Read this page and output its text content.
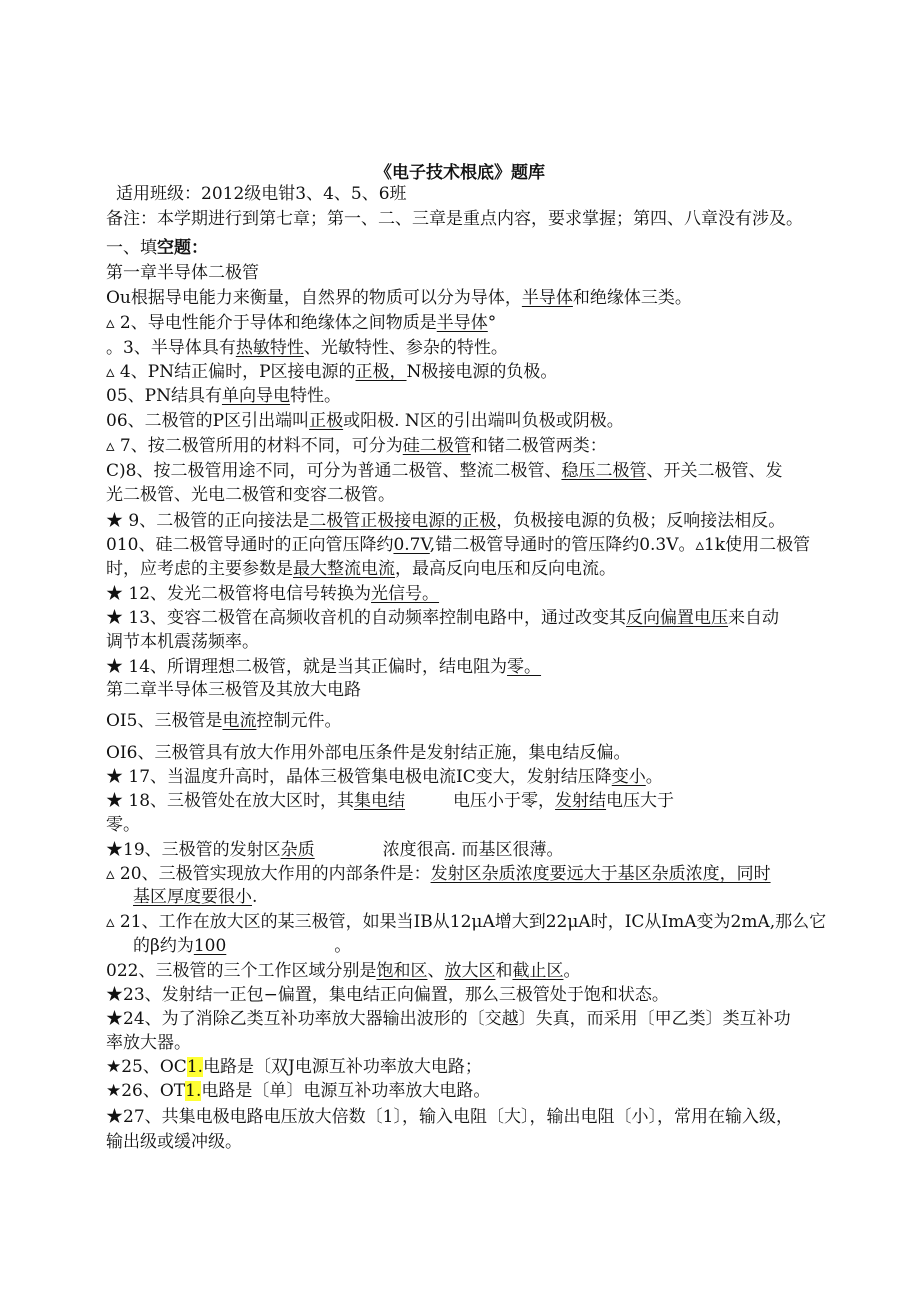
《电子技术根底》题库
适用班级：2012级电钳3、4、5、6班
备注：本学期进行到第七章；第一、二、三章是重点内容，要求掌握；第四、八章没有涉及。
一、填空题：
第一章半导体二极管
Ou根据导电能力来衡量，自然界的物质可以分为导体，半导体和绝缘体三类。
▵ 2、导电性能介于导体和绝缘体之间物质是半导体°
。3、半导体具有热敏特性、光敏特性、参杂的特性。
▵ 4、PN结正偏时，P区接电源的正极，N极接电源的负极。
05、PN结具有单向导电特性。
06、二极管的P区引出端叫正极或阳极. N区的引出端叫负极或阴极。
▵ 7、按二极管所用的材料不同，可分为硅二极管和锗二极管两类：
C)8、按二极管用途不同，可分为普通二极管、整流二极管、稳压二极管、开关二极管、发
光二极管、光电二极管和变容二极管。
★ 9、二极管的正向接法是二极管正极接电源的正极，负极接电源的负极；反响接法相反。
010、硅二极管导通时的正向管压降约0.7V,错二极管导通时的管压降约0.3V。▵1k使用二极管
时，应考虑的主要参数是最大整流电流，最高反向电压和反向电流。
★ 12、发光二极管将电信号转换为光信号。
★ 13、变容二极管在高频收音机的自动频率控制电路中，通过改变其反向偏置电压来自动
调节本机震荡频率。
★ 14、所谓理想二极管，就是当其正偏时，结电阻为零。
第二章半导体三极管及其放大电路
OI5、三极管是电流控制元件。
OI6、三极管具有放大作用外部电压条件是发射结正施，集电结反偏。
★ 17、当温度升高时，晶体三极管集电极电流IC变大，发射结压降变小。
★ 18、三极管处在放大区时，其集电结	电压小于零，发射结电压大于
零。
★19、三极管的发射区杂质	浓度很高. 而基区很薄。
▵ 20、三极管实现放大作用的内部条件是：发射区杂质浓度要远大于基区杂质浓度，同时
基区厚度要很小.
▵ 21、工作在放大区的某三极管，如果当IB从12μA增大到22μA时，IC从ImA变为2mA,那么它
的β约为100	。
022、三极管的三个工作区域分别是饱和区、放大区和截止区。
★23、发射结一正包−偏置，集电结正向偏置，那么三极管处于饱和状态。
★24、为了消除乙类互补功率放大器输出波形的〔交越〕失真，而采用〔甲乙类〕类互补功
率放大器。
★25、OC1.电路是〔双J电源互补功率放大电路；
★26、OT1.电路是〔单〕电源互补功率放大电路。
★27、共集电极电路电压放大倍数〔1〕，输入电阻〔大〕，输出电阻〔小〕，常用在输入级，
输出级或缓冲级。
